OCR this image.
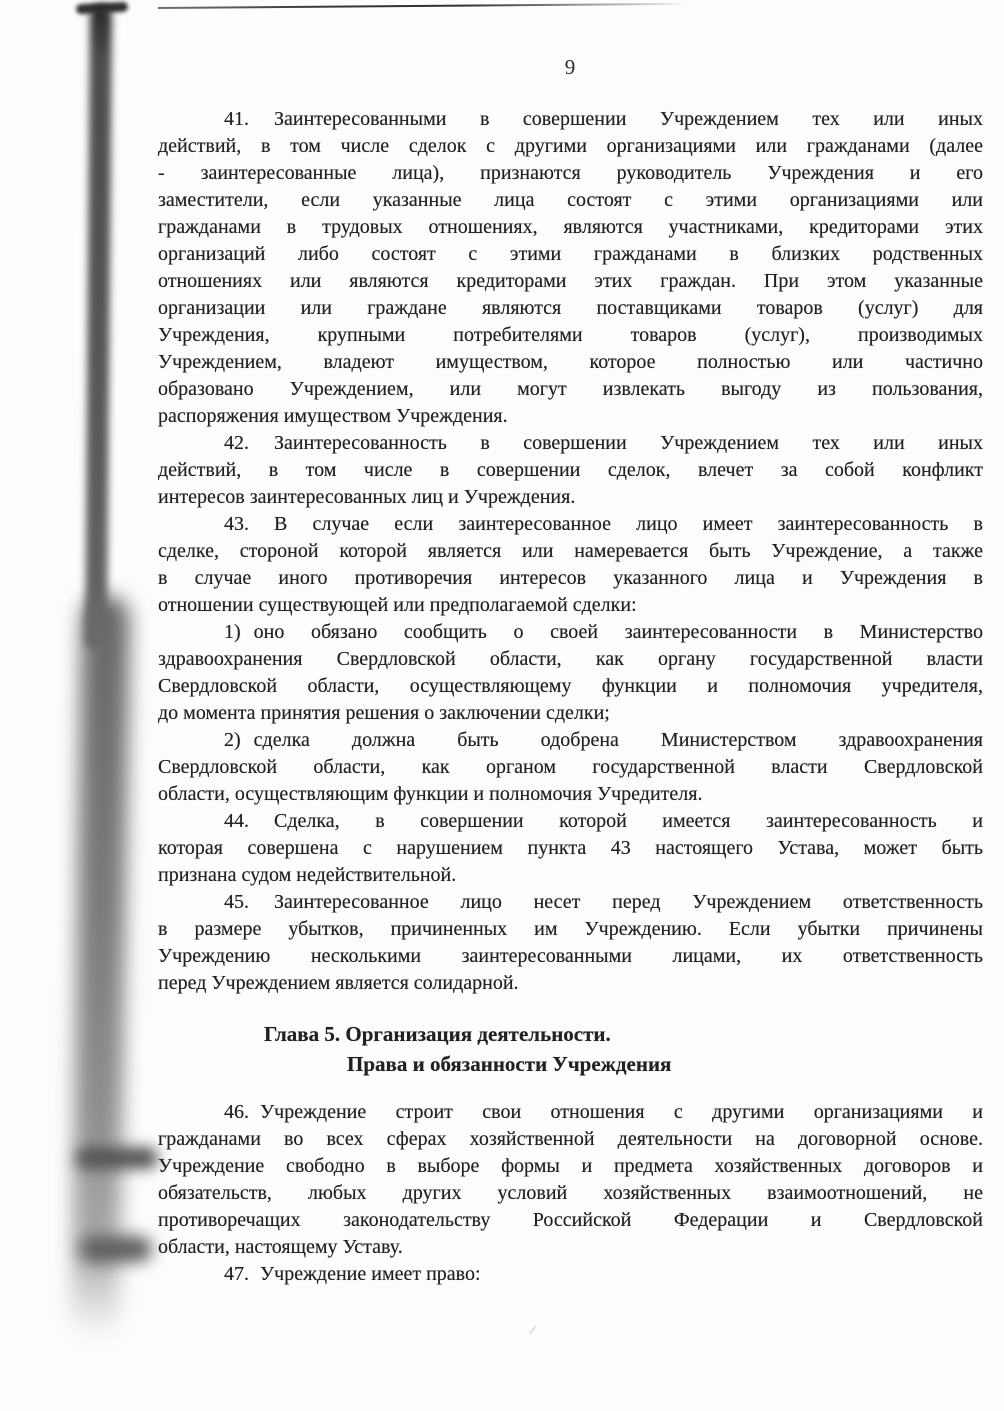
9
41. Заинтересованными в совершении Учреждением тех или иных
действий, в том числе сделок с другими организациями или гражданами (далее
- заинтересованные лица), признаются руководитель Учреждения и его
заместители, если указанные лица состоят с этими организациями или
гражданами в трудовых отношениях, являются участниками, кредиторами этих
организаций либо состоят с этими гражданами в близких родственных
отношениях или являются кредиторами этих граждан. При этом указанные
организации или граждане являются поставщиками товаров (услуг) для
Учреждения, крупными потребителями товаров (услуг), производимых
Учреждением, владеют имуществом, которое полностью или частично
образовано Учреждением, или могут извлекать выгоду из пользования,
распоряжения имуществом Учреждения.
42. Заинтересованность в совершении Учреждением тех или иных
действий, в том числе в совершении сделок, влечет за собой конфликт
интересов заинтересованных лиц и Учреждения.
43. В случае если заинтересованное лицо имеет заинтересованность в
сделке, стороной которой является или намеревается быть Учреждение, а также
в случае иного противоречия интересов указанного лица и Учреждения в
отношении существующей или предполагаемой сделки:
1) оно обязано сообщить о своей заинтересованности в Министерство
здравоохранения Свердловской области, как органу государственной власти
Свердловской области, осуществляющему функции и полномочия учредителя,
до момента принятия решения о заключении сделки;
2) сделка должна быть одобрена Министерством здравоохранения
Свердловской области, как органом государственной власти Свердловской
области, осуществляющим функции и полномочия Учредителя.
44. Сделка, в совершении которой имеется заинтересованность и
которая совершена с нарушением пункта 43 настоящего Устава, может быть
признана судом недействительной.
45. Заинтересованное лицо несет перед Учреждением ответственность
в размере убытков, причиненных им Учреждению. Если убытки причинены
Учреждению несколькими заинтересованными лицами, их ответственность
перед Учреждением является солидарной.
Глава 5. Организация деятельности.
Права и обязанности Учреждения
46. Учреждение строит свои отношения с другими организациями и
гражданами во всех сферах хозяйственной деятельности на договорной основе.
Учреждение свободно в выборе формы и предмета хозяйственных договоров и
обязательств, любых других условий хозяйственных взаимоотношений, не
противоречащих законодательству Российской Федерации и Свердловской
области, настоящему Уставу.
47. Учреждение имеет право:
/
